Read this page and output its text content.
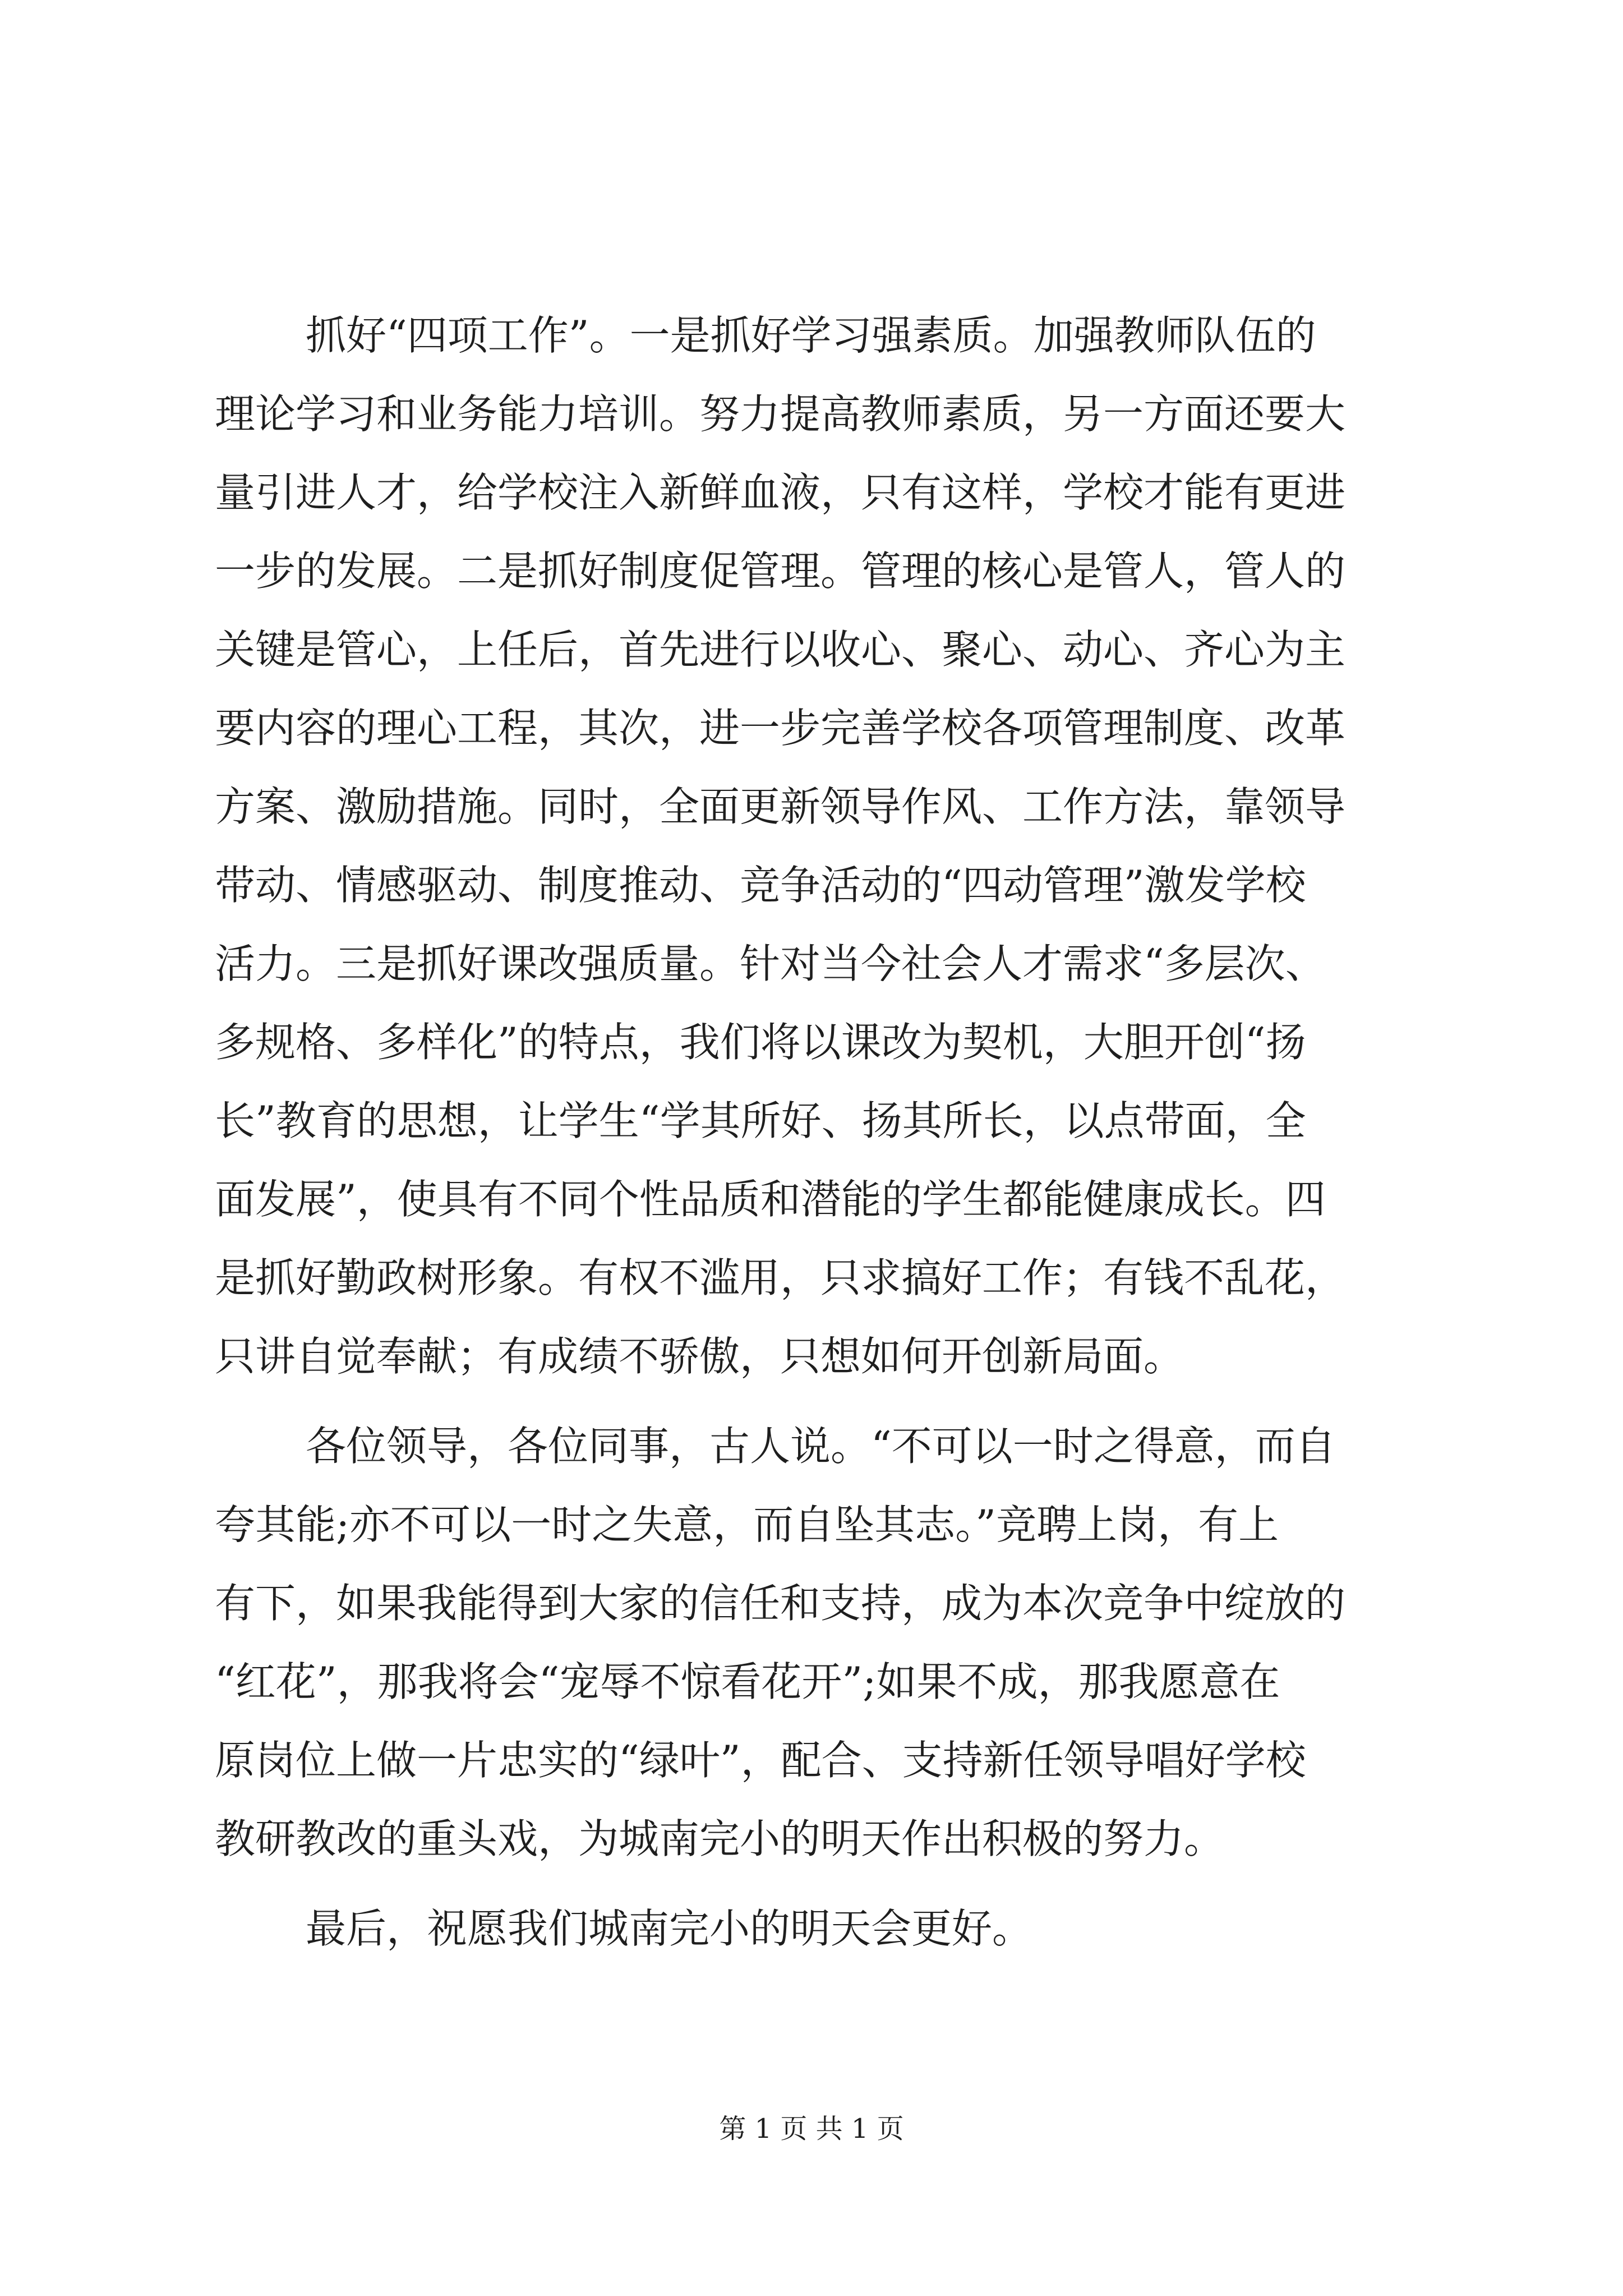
抓好“四项工作”。一是抓好学习强素质。加强教师队伍的
理论学习和业务能力培训。努力提高教师素质，另一方面还要大
量引进人才，给学校注入新鲜血液，只有这样，学校才能有更进
一步的发展。二是抓好制度促管理。管理的核心是管人，管人的
关键是管心，上任后，首先进行以收心、聚心、动心、齐心为主
要内容的理心工程，其次，进一步完善学校各项管理制度、改革
方案、激励措施。同时，全面更新领导作风、工作方法，靠领导
带动、情感驱动、制度推动、竞争活动的“四动管理”激发学校
活力。三是抓好课改强质量。针对当今社会人才需求“多层次、
多规格、多样化”的特点，我们将以课改为契机，大胆开创“扬
长”教育的思想，让学生“学其所好、扬其所长，以点带面，全
面发展”，使具有不同个性品质和潜能的学生都能健康成长。四
是抓好勤政树形象。有权不滥用，只求搞好工作；有钱不乱花，
只讲自觉奉献；有成绩不骄傲，只想如何开创新局面。
各位领导，各位同事，古人说。“不可以一时之得意，而自
夸其能;亦不可以一时之失意，而自坠其志。”竞聘上岗，有上
有下，如果我能得到大家的信任和支持，成为本次竞争中绽放的
“红花”，那我将会“宠辱不惊看花开”;如果不成，那我愿意在
原岗位上做一片忠实的“绿叶”，配合、支持新任领导唱好学校
教研教改的重头戏，为城南完小的明天作出积极的努力。
最后，祝愿我们城南完小的明天会更好。
第 1 页 共 1 页
